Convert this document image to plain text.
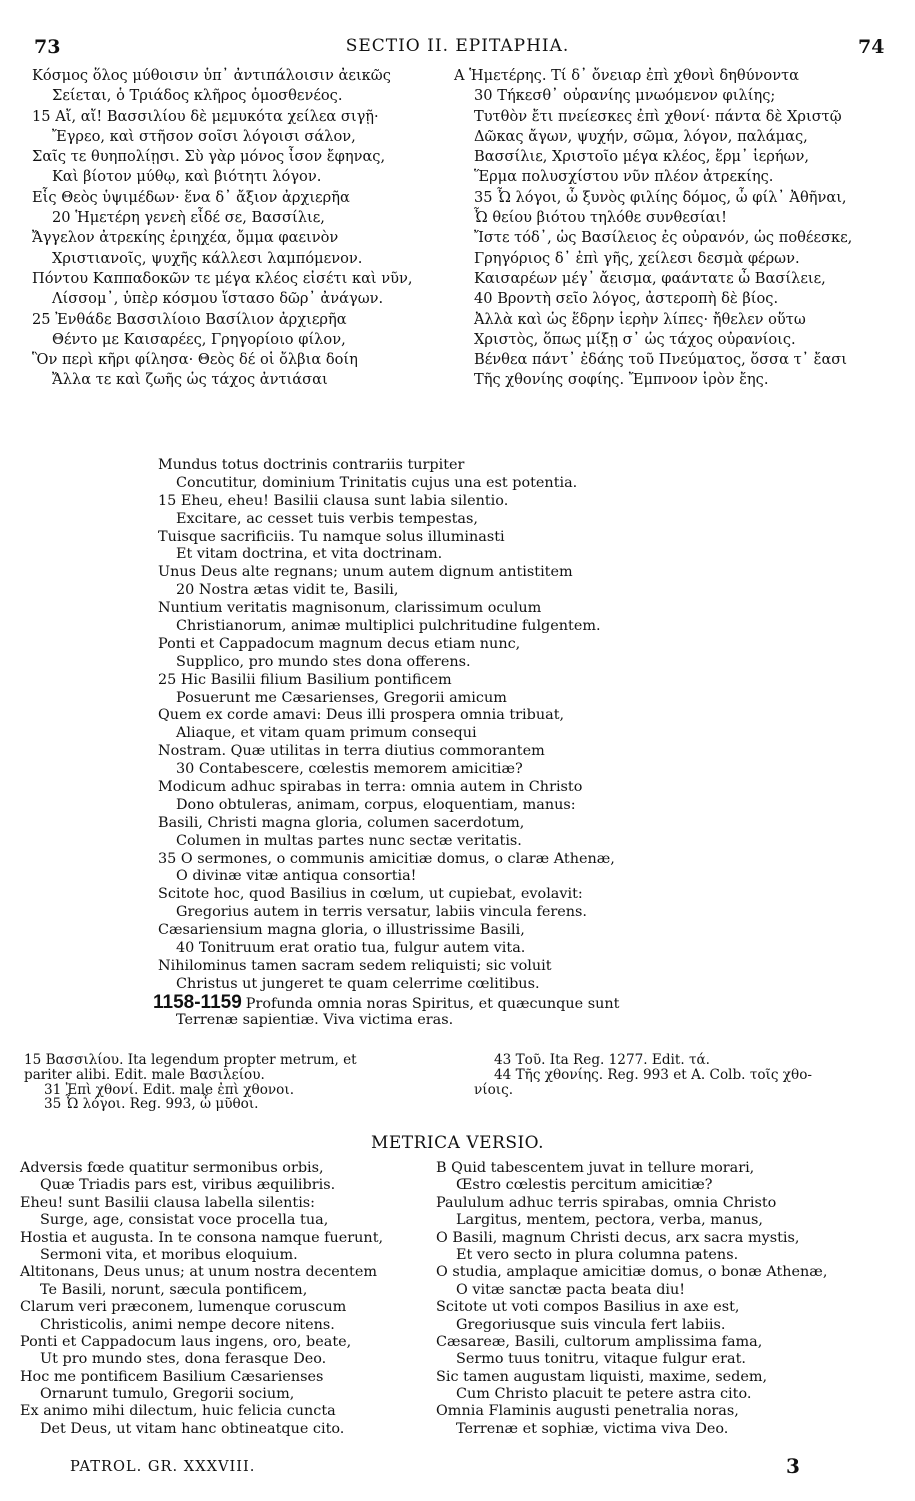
73	SECTIO II. EPITAPHIA.	74
Κόσμος ὅλος μύθοισιν ὑπ᾽ ἀντιπάλοισιν ἀεικῶς
Σείεται, ὁ Τριάδος κλῆρος ὁμοσθενέος.
15 Αἴ, αἴ! Βασσιλίου δὲ μεμυκότα χείλεα σιγῇ·
Ἔγρεο, καὶ στῆσον σοῖσι λόγοισι σάλον,
Σαῖς τε θυηπολίῃσι. Σὺ γὰρ μόνος ἶσον ἔφηνας,
Καὶ βίοτον μύθῳ, καὶ βιότητι λόγον.
Εἷς Θεὸς ὑψιμέδων· ἕνα δ᾽ ἄξιον ἀρχιερῆα
20 Ἡμετέρη γενεὴ εἶδέ σε, Βασσίλιε,
Ἄγγελον ἀτρεκίης ἐριηχέα, ὄμμα φαεινὸν
Χριστιανοῖς, ψυχῆς κάλλεσι λαμπόμενον.
Πόντου Καππαδοκῶν τε μέγα κλέος εἰσέτι καὶ νῦν,
Λίσσομ᾽, ὑπὲρ κόσμου ἵστασο δῶρ᾽ ἀνάγων.
25 Ἐνθάδε Βασσιλίοιο Βασίλιον ἀρχιερῆα
Θέντο με Καισαρέες, Γρηγορίοιο φίλον,
Ὃν περὶ κῆρι φίλησα· Θεὸς δέ οἱ ὄλβια δοίη
Ἄλλα τε καὶ ζωῆς ὡς τάχος ἀντιάσαι
A Ἡμετέρης. Τί δ᾽ ὄνειαρ ἐπὶ χθονὶ δηθύνοντα
30 Τήκεσθ᾽ οὐρανίης μνωόμενον φιλίης;
Τυτθὸν ἔτι πνείεσκες ἐπὶ χθονί· πάντα δὲ Χριστῷ
Δῶκας ἄγων, ψυχήν, σῶμα, λόγον, παλάμας,
Βασσίλιε, Χριστοῖο μέγα κλέος, ἕρμ᾽ ἱερήων,
Ἕρμα πολυσχίστου νῦν πλέον ἀτρεκίης.
35 Ὦ λόγοι, ὦ ξυνὸς φιλίης δόμος, ὦ φίλ᾽ Ἀθῆναι,
Ὦ θείου βιότου τηλόθε συνθεσίαι!
Ἴστε τόδ᾽, ὡς Βασίλειος ἐς οὐρανόν, ὡς ποθέεσκε,
Γρηγόριος δ᾽ ἐπὶ γῆς, χείλεσι δεσμὰ φέρων.
Καισαρέων μέγ᾽ ἄεισμα, φαάντατε ὦ Βασίλειε,
40 Βροντὴ σεῖο λόγος, ἀστεροπὴ δὲ βίος.
Ἀλλὰ καὶ ὡς ἕδρην ἱερὴν λίπες· ἤθελεν οὕτω
Χριστὸς, ὅπως μίξῃ σ᾽ ὡς τάχος οὐρανίοις.
Βένθεα πάντ᾽ ἐδάης τοῦ Πνεύματος, ὅσσα τ᾽ ἔασι
Τῆς χθονίης σοφίης. Ἔμπνοον ἱρὸν ἔης.
Mundus totus doctrinis contrariis turpiter
Concutitur, dominium Trinitatis cujus una est potentia.
15 Eheu, eheu! Basilii clausa sunt labia silentio.
Excitare, ac cesset tuis verbis tempestas,
Tuisque sacrificiis. Tu namque solus illuminasti
Et vitam doctrina, et vita doctrinam.
Unus Deus alte regnans; unum autem dignum antistitem
20 Nostra ætas vidit te, Basili,
Nuntium veritatis magnisonum, clarissimum oculum
Christianorum, animæ multiplici pulchritudine fulgentem.
Ponti et Cappadocum magnum decus etiam nunc,
Supplico, pro mundo stes dona offerens.
25 Hic Basilii filium Basilium pontificem
Posuerunt me Cæsarienses, Gregorii amicum
Quem ex corde amavi: Deus illi prospera omnia tribuat,
Aliaque, et vitam quam primum consequi
Nostram. Quæ utilitas in terra diutius commorantem
30 Contabescere, cœlestis memorem amicitiæ?
Modicum adhuc spirabas in terra: omnia autem in Christo
Dono obtuleras, animam, corpus, eloquentiam, manus:
Basili, Christi magna gloria, columen sacerdotum,
Columen in multas partes nunc sectæ veritatis.
35 O sermones, o communis amicitiæ domus, o claræ Athenæ,
O divinæ vitæ antiqua consortia!
Scitote hoc, quod Basilius in cœlum, ut cupiebat, evolavit:
Gregorius autem in terris versatur, labiis vincula ferens.
Cæsariensium magna gloria, o illustrissime Basili,
40 Tonitruum erat oratio tua, fulgur autem vita.
Nihilominus tamen sacram sedem reliquisti; sic voluit
Christus ut jungeret te quam celerrime cœlitibus.
1158-1159 Profunda omnia noras Spiritus, et quæcunque sunt
Terrenæ sapientiæ. Viva victima eras.
15 Βασσιλίου. Ita legendum propter metrum, et
pariter alibi. Edit. male Βασιλείου.
31 Ἐπὶ χθονί. Edit. male ἐπὶ χθονοι.
35 Ὦ λόγοι. Reg. 993, ὦ μῦθοι.
43 Τοῦ. Ita Reg. 1277. Edit. τά.
44 Τῆς χθονίης. Reg. 993 et A. Colb. τοῖς χθο-
νίοις.
METRICA VERSIO.
Adversis fœde quatitur sermonibus orbis,
Quæ Triadis pars est, viribus æquilibris.
Eheu! sunt Basilii clausa labella silentis:
Surge, age, consistat voce procella tua,
Hostia et augusta. In te consona namque fuerunt,
Sermoni vita, et moribus eloquium.
Altitonans, Deus unus; at unum nostra decentem
Te Basili, norunt, sæcula pontificem,
Clarum veri præconem, lumenque coruscum
Christicolis, animi nempe decore nitens.
Ponti et Cappadocum laus ingens, oro, beate,
Ut pro mundo stes, dona ferasque Deo.
Hoc me pontificem Basilium Cæsarienses
Ornarunt tumulo, Gregorii socium,
Ex animo mihi dilectum, huic felicia cuncta
Det Deus, ut vitam hanc obtineatque cito.
B Quid tabescentem juvat in tellure morari,
Œstro cœlestis percitum amicitiæ?
Paululum adhuc terris spirabas, omnia Christo
Largitus, mentem, pectora, verba, manus,
O Basili, magnum Christi decus, arx sacra mystis,
Et vero secto in plura columna patens.
O studia, amplaque amicitiæ domus, o bonæ Athenæ,
O vitæ sanctæ pacta beata diu!
Scitote ut voti compos Basilius in axe est,
Gregoriusque suis vincula fert labiis.
Cæsareæ, Basili, cultorum amplissima fama,
Sermo tuus tonitru, vitaque fulgur erat.
Sic tamen augustam liquisti, maxime, sedem,
Cum Christo placuit te petere astra cito.
Omnia Flaminis augusti penetralia noras,
Terrenæ et sophiæ, victima viva Deo.
PATROL. GR. XXXVIII.	3
